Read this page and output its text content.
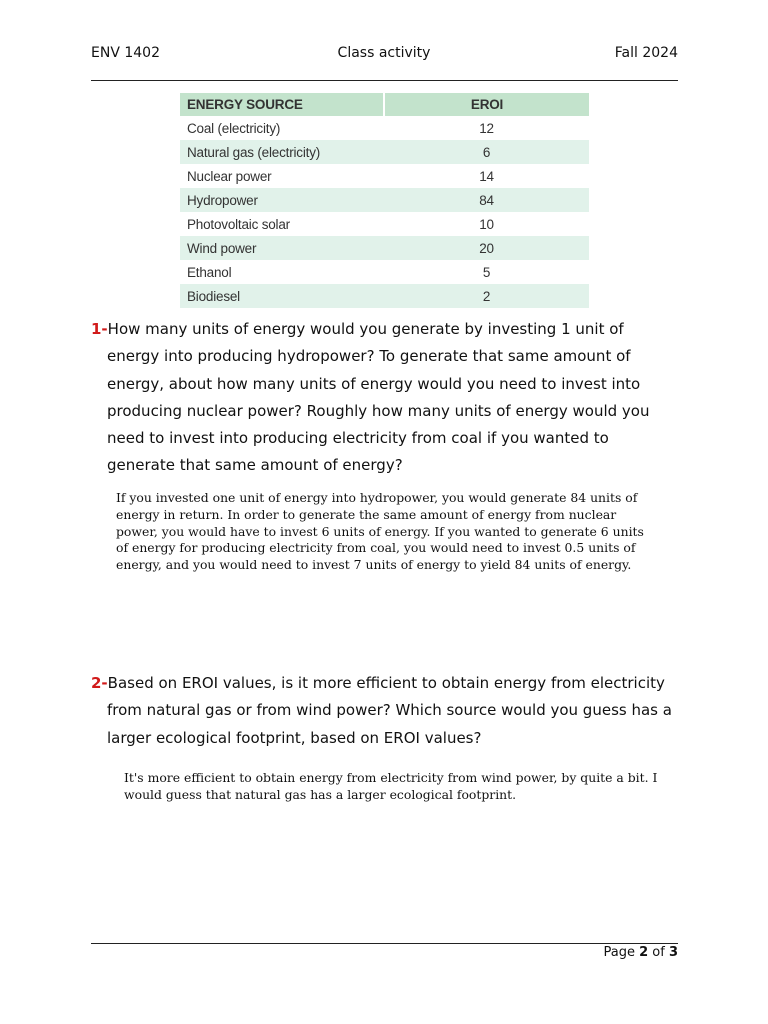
ENV 1402	Class activity	Fall 2024
ENERGY SOURCE	EROI
Coal (electricity)	12
Natural gas (electricity)	6
Nuclear power	14
Hydropower	84
Photovoltaic solar	10
Wind power	20
Ethanol	5
Biodiesel	2
1-How many units of energy would you generate by investing 1 unit of
energy into producing hydropower? To generate that same amount of
energy, about how many units of energy would you need to invest into
producing nuclear power? Roughly how many units of energy would you
need to invest into producing electricity from coal if you wanted to
generate that same amount of energy?
If you invested one unit of energy into hydropower, you would generate 84 units of
energy in return. In order to generate the same amount of energy from nuclear
power, you would have to invest 6 units of energy. If you wanted to generate 6 units
of energy for producing electricity from coal, you would need to invest 0.5 units of
energy, and you would need to invest 7 units of energy to yield 84 units of energy.
2-Based on EROI values, is it more efficient to obtain energy from electricity
from natural gas or from wind power? Which source would you guess has a
larger ecological footprint, based on EROI values?
It's more efficient to obtain energy from electricity from wind power, by quite a bit. I
would guess that natural gas has a larger ecological footprint.
Page 2 of 3
